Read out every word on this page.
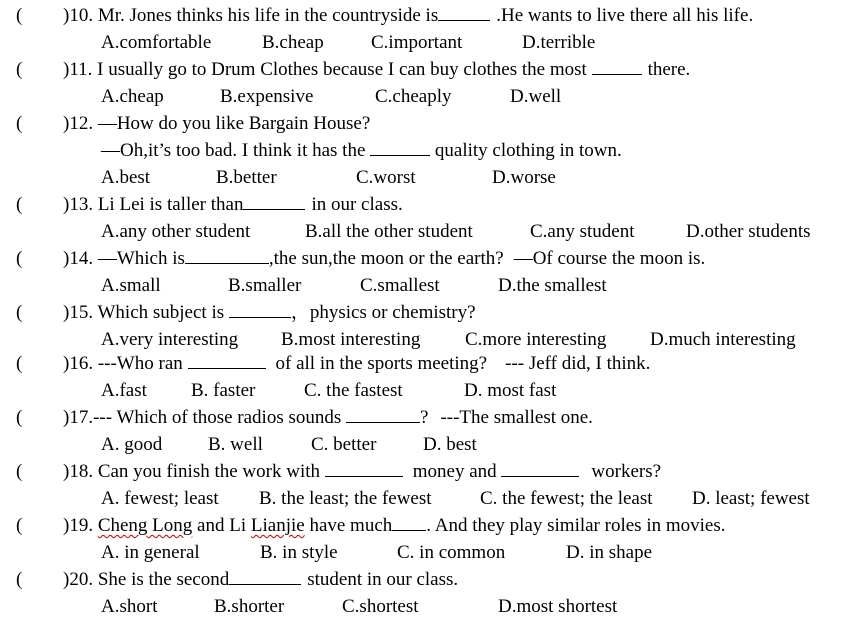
( )10. Mr. Jones thinks his life in the countryside is	.He wants to live there all his life.
A.comfortable	B.cheap C.important	D.terrible
( )11. I usually go to Drum Clothes because I can buy clothes the most	there.
A.cheap	B.expensive	C.cheaply	D.well
( )12. —How do you like Bargain House?
—Oh,it’s too bad. I think it has the	quality clothing in town.
A.best	B.better	C.worst	D.worse
( )13. Li Lei is taller than	in our class.
A.any other student	B.all the other student	C.any student	D.other students
( )14. —Which is	,the sun,the moon or the earth? —Of course the moon is.
A.small	B.smaller	C.smallest	D.the smallest
( )15. Which subject is	，physics or chemistry?
A.very interesting B.most interesting C.more interesting D.much interesting
( )16. ---Who ran	of all in the sports meeting? --- Jeff did, I think.
A.fast B. faster	C. the fastest	D. most fast
( )17.--- Which of those radios sounds	? ---The smallest one.
A. good B. well	C. better D. best
( )18. Can you finish the work with	money and	workers?
A. fewest; least B. the least; the fewest	C. the fewest; the least D. least; fewest
( )19. Cheng Long and Li Lianjie have much . And they play similar roles in movies.
A. in general	B. in style	C. in common	D. in shape
( )20. She is the second	student in our class.
A.short	B.shorter	C.shortest	D.most shortest
